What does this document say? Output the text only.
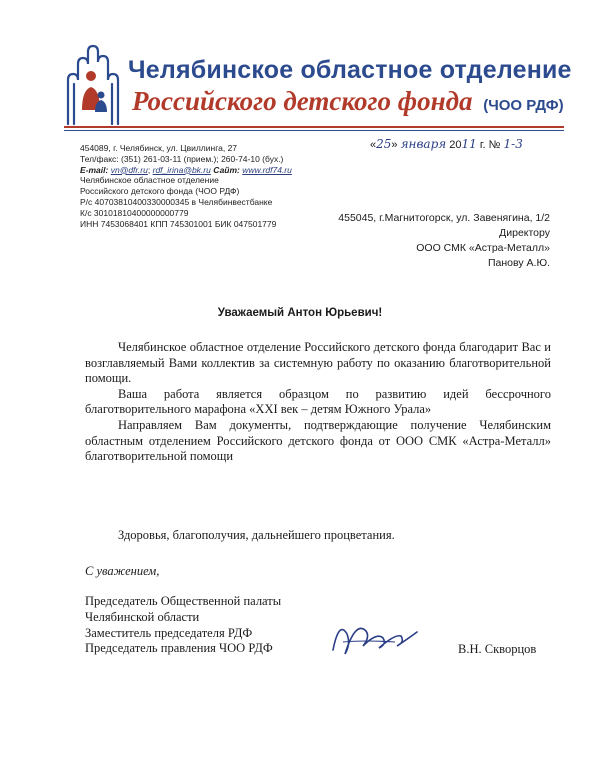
Челябинское областное отделение
Российского детского фонда (ЧОО РДФ)
454089, г. Челябинск, ул. Цвиллинга, 27
Тел/факс: (351) 261-03-11 (прием.); 260-74-10 (бух.)
E-mail: vn@dfr.ru; rdf_irina@bk.ru Сайт: www.rdf74.ru
Челябинское областное отделение
Российского детского фонда (ЧОО РДФ)
Р/с 40703810400330000345 в Челябинвестбанке
К/с 30101810400000000779
ИНН 7453068401 КПП 745301001 БИК 047501779
«25» января 2011 г. № 1-3
455045, г.Магнитогорск, ул. Завенягина, 1/2
Директору
ООО СМК «Астра-Металл»
Панову А.Ю.
Уважаемый Антон Юрьевич!

Челябинское областное отделение Российского детского фонда благодарит Вас и возглавляемый Вами коллектив за системную работу по оказанию благотворительной помощи.

Ваша работа является образцом по развитию идей бессрочного благотворительного марафона «XXI век – детям Южного Урала»

Направляем Вам документы, подтверждающие получение Челябинским областным отделением Российского детского фонда от ООО СМК «Астра-Металл» благотворительной помощи

Здоровья, благополучия, дальнейшего процветания.
С уважением,
Председатель Общественной палаты
Челябинской области
Заместитель председателя РДФ
Председатель правления ЧОО РДФ	В.Н. Скворцов
